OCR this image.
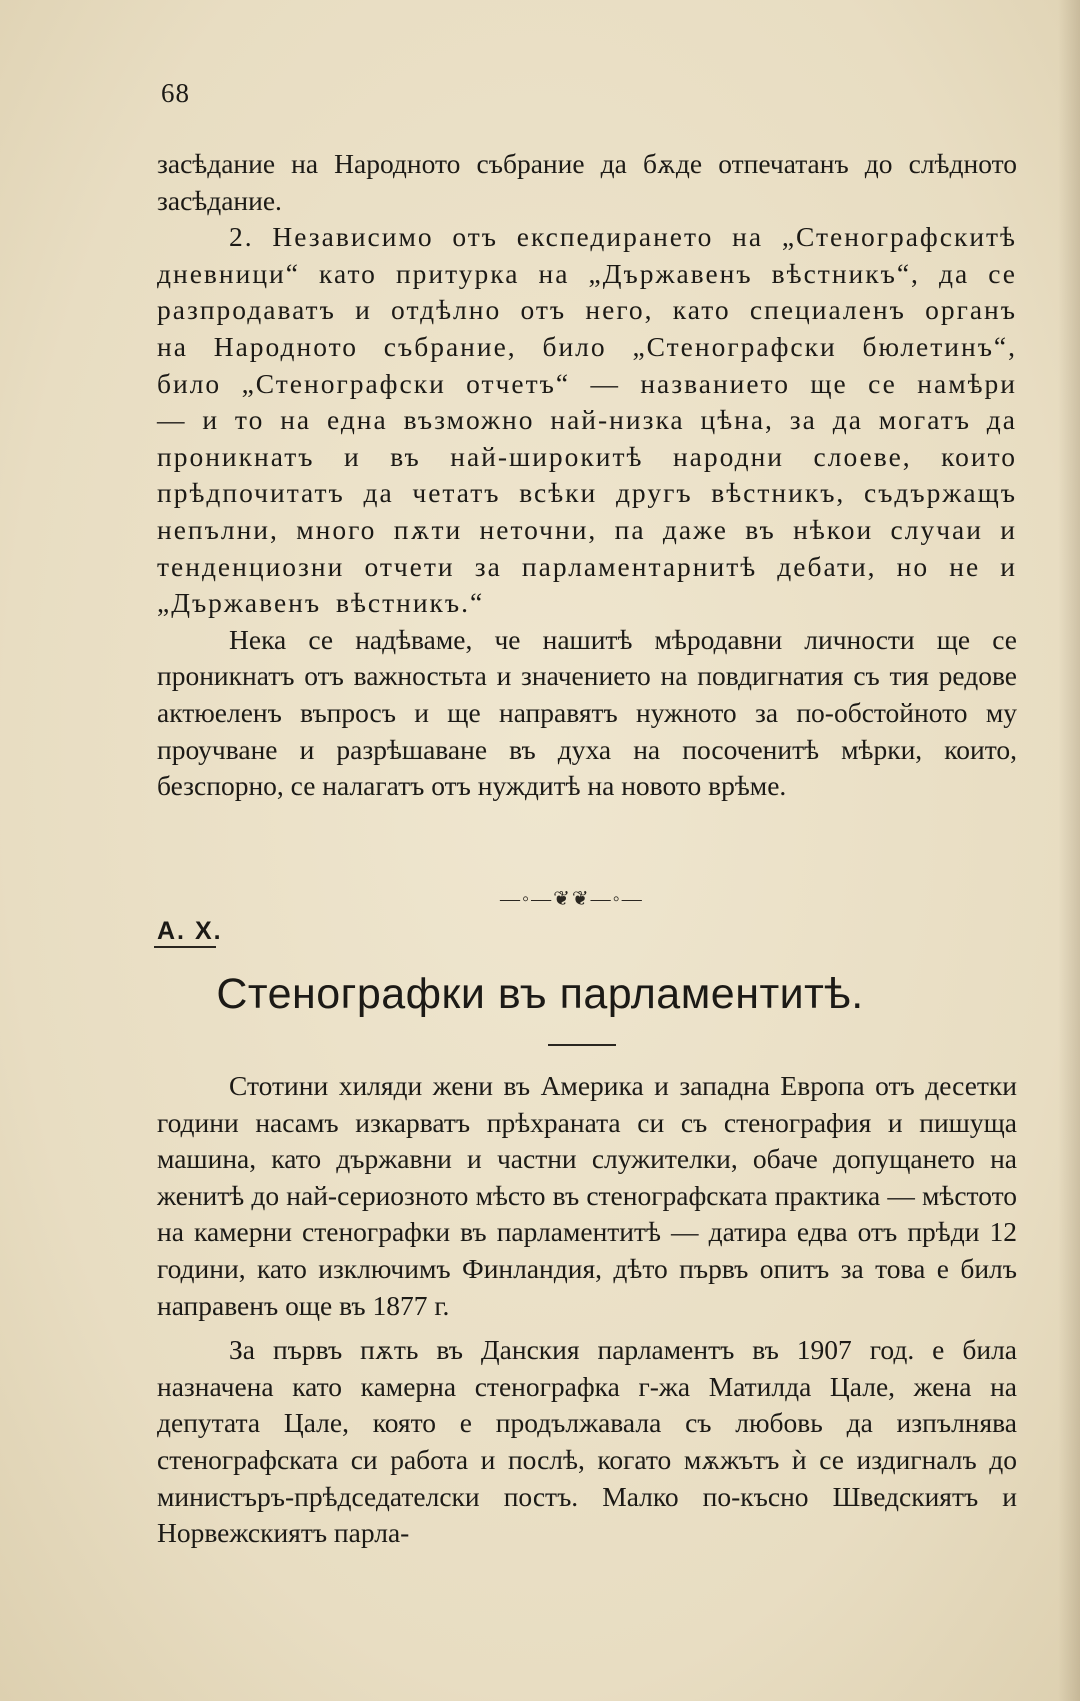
68

засѣдание на Народното събрание да бѫде отпечатанъ до слѣдното засѣдание.

2. Независимо отъ експедирането на „Стенографскитѣ дневници“ като притурка на „Държавенъ вѣстникъ“, да се разпродаватъ и отдѣлно отъ него, като специаленъ органъ на Народното събрание, било „Стенографски бюлетинъ“, било „Стенографски отчетъ“ — названието ще се намѣри — и то на една възможно най-низка цѣна, за да могатъ да проникнатъ и въ най-широкитѣ народни слоеве, които прѣдпочитатъ да четатъ всѣки другъ вѣстникъ, съдържащъ непълни, много пѫти неточни, па даже въ нѣкои случаи и тенденциозни отчети за парламентарнитѣ дебати, но не и „Държавенъ вѣстникъ.“

Нека се надѣваме, че нашитѣ мѣродавни личности ще се проникнатъ отъ важностьта и значението на повдигнатия съ тия редове актюеленъ въпросъ и ще направятъ нужното за по-обстойното му проучване и разрѣшаване въ духа на посоченитѣ мѣрки, които, безспорно, се налагатъ отъ нуждитѣ на новото врѣме.

—◦—❦❦—◦—
А. Х.
Стенографки въ парламентитѣ.

Стотини хиляди жени въ Америка и западна Европа отъ десетки години насамъ изкарватъ прѣхраната си съ стенография и пишуща машина, като държавни и частни служителки, обаче допущането на женитѣ до най-сериозното мѣсто въ стенографската практика — мѣстото на камерни стенографки въ парламентитѣ — датира едва отъ прѣди 12 години, като изключимъ Финландия, дѣто първъ опитъ за това е билъ направенъ още въ 1877 г.

За първъ пѫть въ Данския парламентъ въ 1907 год. е била назначена като камерна стенографка г-жа Матилда Цале, жена на депутата Цале, която е продължавала съ любовь да изпълнява стенографската си работа и послѣ, когато мѫжътъ ѝ се издигналъ до министъръ-прѣдседателски постъ. Малко по-късно Шведскиятъ и Норвежскиятъ парла-
